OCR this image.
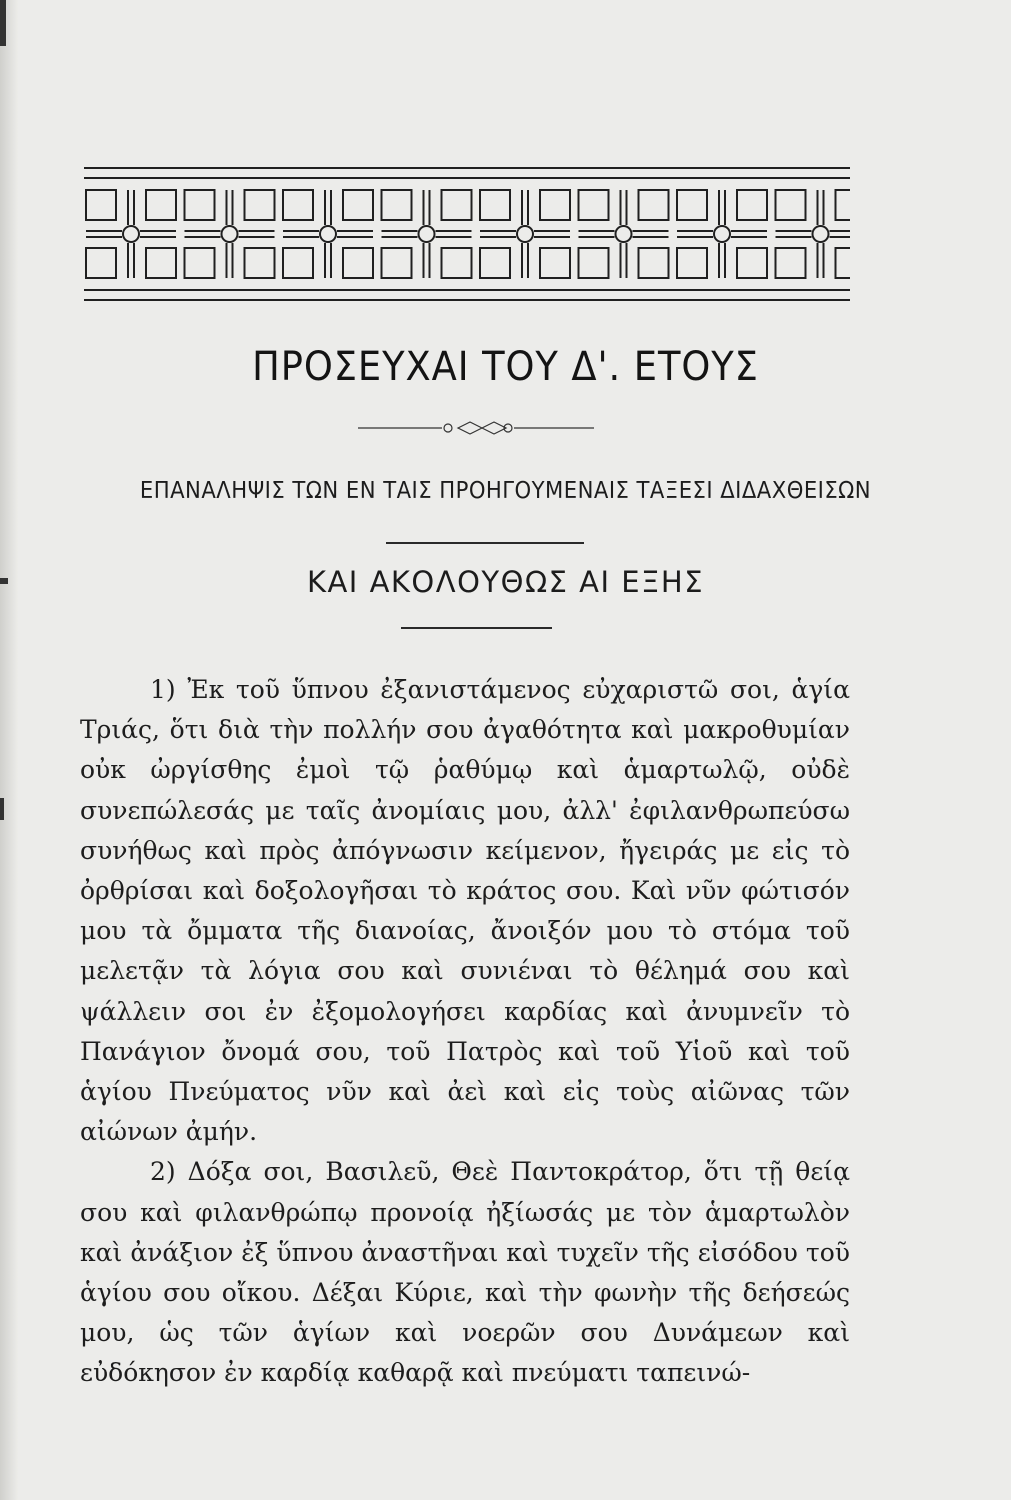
ΠΡΟΣΕΥΧΑΙ ΤΟΥ Δ'. ΕΤΟΥΣ
ΕΠΑΝΑΛΗΨΙΣ ΤΩΝ ΕΝ ΤΑΙΣ ΠΡΟΗΓΟΥΜΕΝΑΙΣ ΤΑΞΕΣΙ ΔΙΔΑΧΘΕΙΣΩΝ
ΚΑΙ ΑΚΟΛΟΥΘΩΣ ΑΙ ΕΞΗΣ

1) Ἐκ τοῦ ὕπνου ἐξανιστάμενος εὐχαριστῶ σοι, ἁγία Τριάς, ὅτι διὰ τὴν πολλήν σου ἀγαθότητα καὶ μακροθυμίαν οὐκ ὠργίσθης ἐμοὶ τῷ ῥαθύμῳ καὶ ἁμαρτωλῷ, οὐδὲ συνεπώλεσάς με ταῖς ἀνομίαις μου, ἀλλ' ἐφιλανθρωπεύσω συνήθως καὶ πρὸς ἀπόγνωσιν κείμενον, ἤγειράς με εἰς τὸ ὀρθρίσαι καὶ δοξολογῆσαι τὸ κράτος σου. Καὶ νῦν φώτισόν μου τὰ ὄμματα τῆς διανοίας, ἄνοιξόν μου τὸ στόμα τοῦ μελετᾷν τὰ λόγια σου καὶ συνιέναι τὸ θέλημά σου καὶ ψάλλειν σοι ἐν ἐξομολογήσει καρδίας καὶ ἀνυμνεῖν τὸ Πανάγιον ὄνομά σου, τοῦ Πατρὸς καὶ τοῦ Υἱοῦ καὶ τοῦ ἁγίου Πνεύματος νῦν καὶ ἀεὶ καὶ εἰς τοὺς αἰῶνας τῶν αἰώνων ἀμήν.

2) Δόξα σοι, Βασιλεῦ, Θεὲ Παντοκράτορ, ὅτι τῇ θείᾳ σου καὶ φιλανθρώπῳ προνοίᾳ ἠξίωσάς με τὸν ἁμαρτωλὸν καὶ ἀνάξιον ἐξ ὕπνου ἀναστῆναι καὶ τυχεῖν τῆς εἰσόδου τοῦ ἁγίου σου οἴκου. Δέξαι Κύριε, καὶ τὴν φωνὴν τῆς δεήσεώς μου, ὡς τῶν ἁγίων καὶ νοερῶν σου Δυνάμεων καὶ εὐδόκησον ἐν καρδίᾳ καθαρᾷ καὶ πνεύματι ταπεινώ-
